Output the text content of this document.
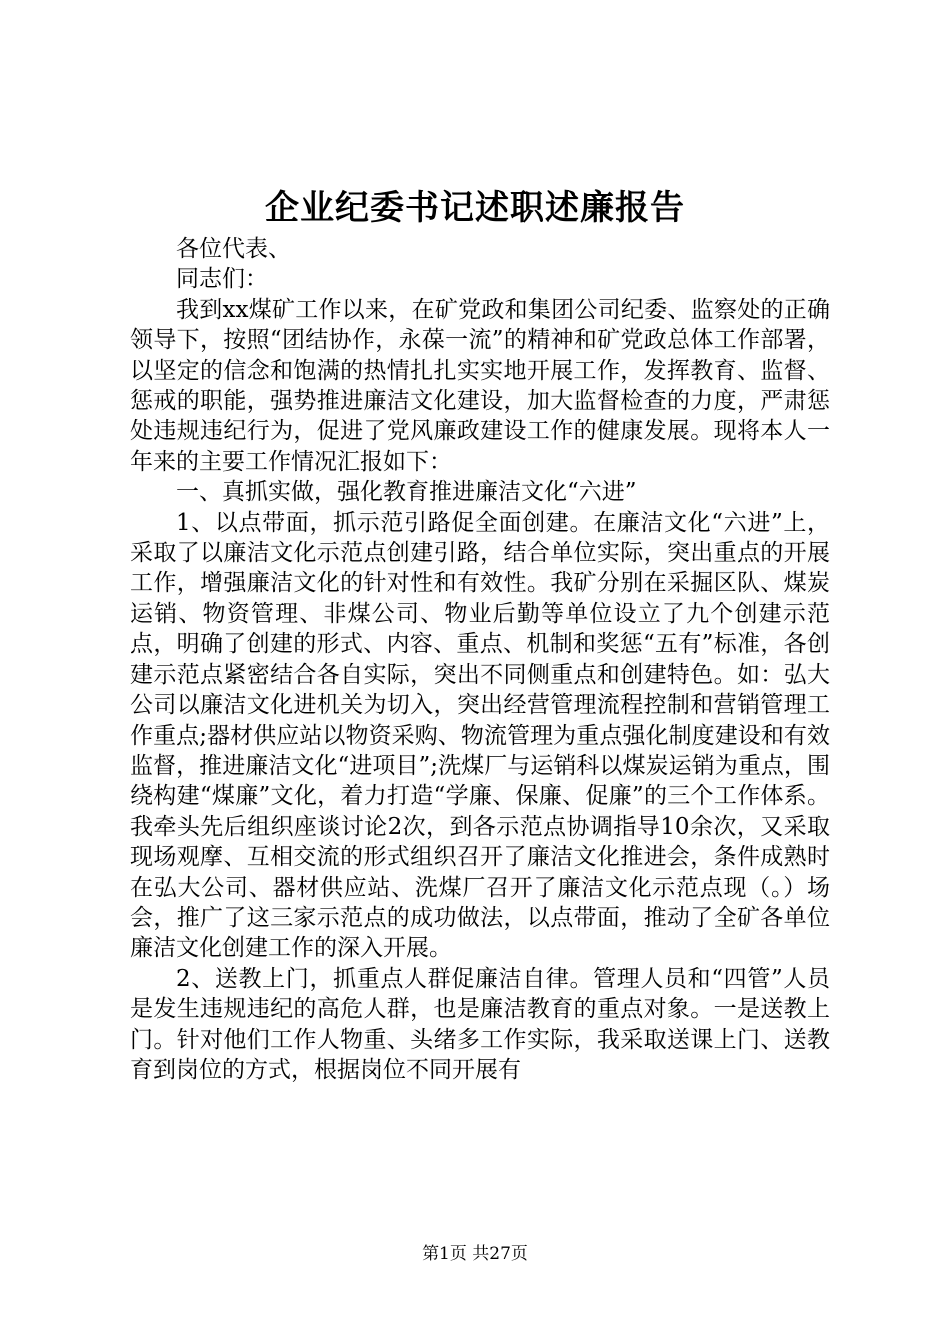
企业纪委书记述职述廉报告

各位代表、

同志们：

我到xx煤矿工作以来，在矿党政和集团公司纪委、监察处的正确领导下，按照“团结协作，永葆一流”的精神和矿党政总体工作部署，以坚定的信念和饱满的热情扎扎实实地开展工作，发挥教育、监督、惩戒的职能，强势推进廉洁文化建设，加大监督检查的力度，严肃惩处违规违纪行为，促进了党风廉政建设工作的健康发展。现将本人一年来的主要工作情况汇报如下：

一、真抓实做，强化教育推进廉洁文化“六进”

1、以点带面，抓示范引路促全面创建。在廉洁文化“六进”上，采取了以廉洁文化示范点创建引路，结合单位实际，突出重点的开展工作，增强廉洁文化的针对性和有效性。我矿分别在采掘区队、煤炭运销、物资管理、非煤公司、物业后勤等单位设立了九个创建示范点，明确了创建的形式、内容、重点、机制和奖惩“五有”标准，各创建示范点紧密结合各自实际，突出不同侧重点和创建特色。如：弘大公司以廉洁文化进机关为切入，突出经营管理流程控制和营销管理工作重点;器材供应站以物资采购、物流管理为重点强化制度建设和有效监督，推进廉洁文化“进项目”;洗煤厂与运销科以煤炭运销为重点，围绕构建“煤廉”文化，着力打造“学廉、保廉、促廉”的三个工作体系。我牵头先后组织座谈讨论2次，到各示范点协调指导10余次，又采取现场观摩、互相交流的形式组织召开了廉洁文化推进会，条件成熟时在弘大公司、器材供应站、洗煤厂召开了廉洁文化示范点现（。）场会，推广了这三家示范点的成功做法，以点带面，推动了全矿各单位廉洁文化创建工作的深入开展。

2、送教上门，抓重点人群促廉洁自律。管理人员和“四管”人员是发生违规违纪的高危人群，也是廉洁教育的重点对象。一是送教上门。针对他们工作人物重、头绪多工作实际，我采取送课上门、送教育到岗位的方式，根据岗位不同开展有

第1页 共27页
